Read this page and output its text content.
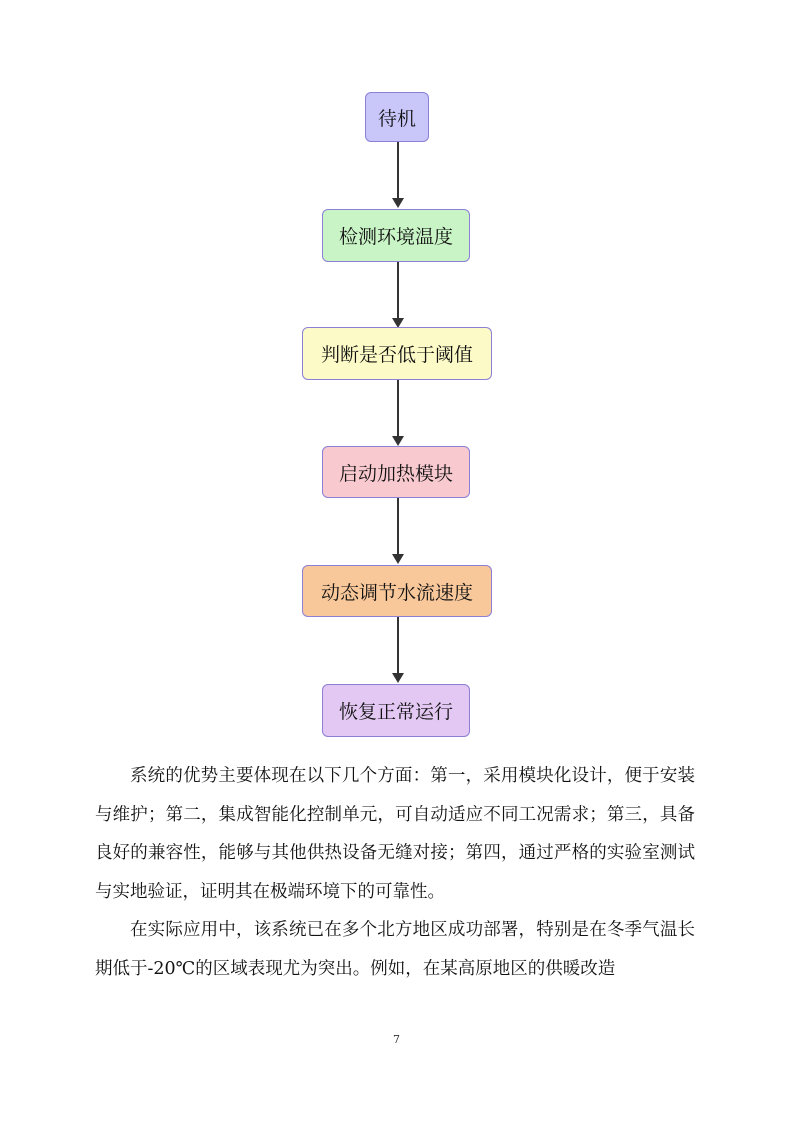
待机
检测环境温度
判断是否低于阈值
启动加热模块
动态调节水流速度
恢复正常运行

系统的优势主要体现在以下几个方面：第一，采用模块化设计，便于安装与维护；第二，集成智能化控制单元，可自动适应不同工况需求；第三，具备良好的兼容性，能够与其他供热设备无缝对接；第四，通过严格的实验室测试与实地验证，证明其在极端环境下的可靠性。

在实际应用中，该系统已在多个北方地区成功部署，特别是在冬季气温长期低于-20℃的区域表现尤为突出。例如，在某高原地区的供暖改造

7
